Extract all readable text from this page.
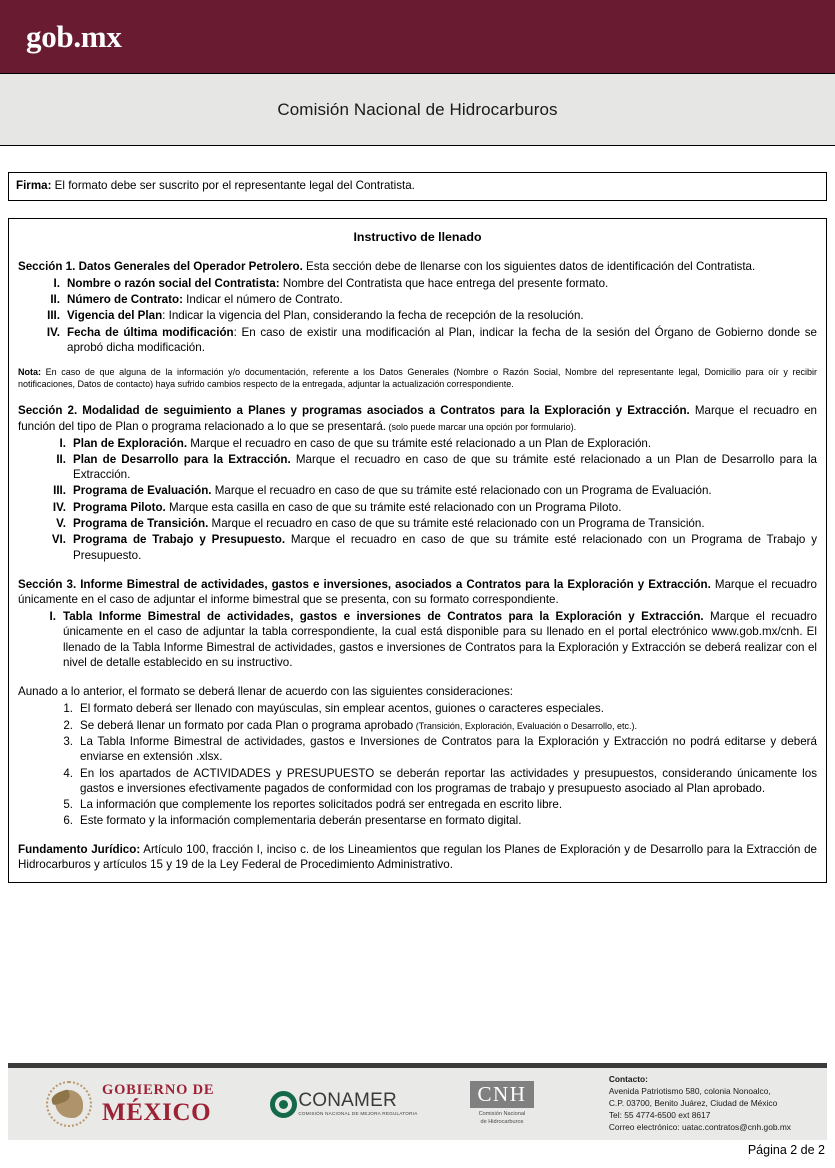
gob.mx
Comisión Nacional de Hidrocarburos
Firma: El formato debe ser suscrito por el representante legal del Contratista.
Instructivo de llenado
Sección 1. Datos Generales del Operador Petrolero. Esta sección debe de llenarse con los siguientes datos de identificación del Contratista.
I. Nombre o razón social del Contratista: Nombre del Contratista que hace entrega del presente formato.
II. Número de Contrato: Indicar el número de Contrato.
III. Vigencia del Plan: Indicar la vigencia del Plan, considerando la fecha de recepción de la resolución.
IV. Fecha de última modificación: En caso de existir una modificación al Plan, indicar la fecha de la sesión del Órgano de Gobierno donde se aprobó dicha modificación.
Nota: En caso de que alguna de la información y/o documentación, referente a los Datos Generales (Nombre o Razón Social, Nombre del representante legal, Domicilio para oír y recibir notificaciones, Datos de contacto) haya sufrido cambios respecto de la entregada, adjuntar la actualización correspondiente.
Sección 2. Modalidad de seguimiento a Planes y programas asociados a Contratos para la Exploración y Extracción. Marque el recuadro en función del tipo de Plan o programa relacionado a lo que se presentará. (solo puede marcar una opción por formulario).
I. Plan de Exploración. Marque el recuadro en caso de que su trámite esté relacionado a un Plan de Exploración.
II. Plan de Desarrollo para la Extracción. Marque el recuadro en caso de que su trámite esté relacionado a un Plan de Desarrollo para la Extracción.
III. Programa de Evaluación. Marque el recuadro en caso de que su trámite esté relacionado con un Programa de Evaluación.
IV. Programa Piloto. Marque esta casilla en caso de que su trámite esté relacionado con un Programa Piloto.
V. Programa de Transición. Marque el recuadro en caso de que su trámite esté relacionado con un Programa de Transición.
VI. Programa de Trabajo y Presupuesto. Marque el recuadro en caso de que su trámite esté relacionado con un Programa de Trabajo y Presupuesto.
Sección 3. Informe Bimestral de actividades, gastos e inversiones, asociados a Contratos para la Exploración y Extracción. Marque el recuadro únicamente en el caso de adjuntar el informe bimestral que se presenta, con su formato correspondiente.
I. Tabla Informe Bimestral de actividades, gastos e inversiones de Contratos para la Exploración y Extracción. Marque el recuadro únicamente en el caso de adjuntar la tabla correspondiente, la cual está disponible para su llenado en el portal electrónico www.gob.mx/cnh. El llenado de la Tabla Informe Bimestral de actividades, gastos e inversiones de Contratos para la Exploración y Extracción se deberá realizar con el nivel de detalle establecido en su instructivo.
Aunado a lo anterior, el formato se deberá llenar de acuerdo con las siguientes consideraciones:
1. El formato deberá ser llenado con mayúsculas, sin emplear acentos, guiones o caracteres especiales.
2. Se deberá llenar un formato por cada Plan o programa aprobado (Transición, Exploración, Evaluación o Desarrollo, etc.).
3. La Tabla Informe Bimestral de actividades, gastos e Inversiones de Contratos para la Exploración y Extracción no podrá editarse y deberá enviarse en extensión .xlsx.
4. En los apartados de ACTIVIDADES y PRESUPUESTO se deberán reportar las actividades y presupuestos, considerando únicamente los gastos e inversiones efectivamente pagados de conformidad con los programas de trabajo y presupuesto asociado al Plan aprobado.
5. La información que complemente los reportes solicitados podrá ser entregada en escrito libre.
6. Este formato y la información complementaria deberán presentarse en formato digital.
Fundamento Jurídico: Artículo 100, fracción I, inciso c. de los Lineamientos que regulan los Planes de Exploración y de Desarrollo para la Extracción de Hidrocarburos y artículos 15 y 19 de la Ley Federal de Procedimiento Administrativo.
GOBIERNO DE
MÉXICO	CONAMER
COMISIÓN NACIONAL DE MEJORA REGULATORIA
CNH
Comisión Nacional
de Hidrocarburos
Contacto:
Avenida Patriotismo 580, colonia Nonoalco,
C.P. 03700, Benito Juárez, Ciudad de México
Tel: 55 4774-6500 ext 8617
Correo electrónico: uatac.contratos@cnh.gob.mx
Página 2 de 2
